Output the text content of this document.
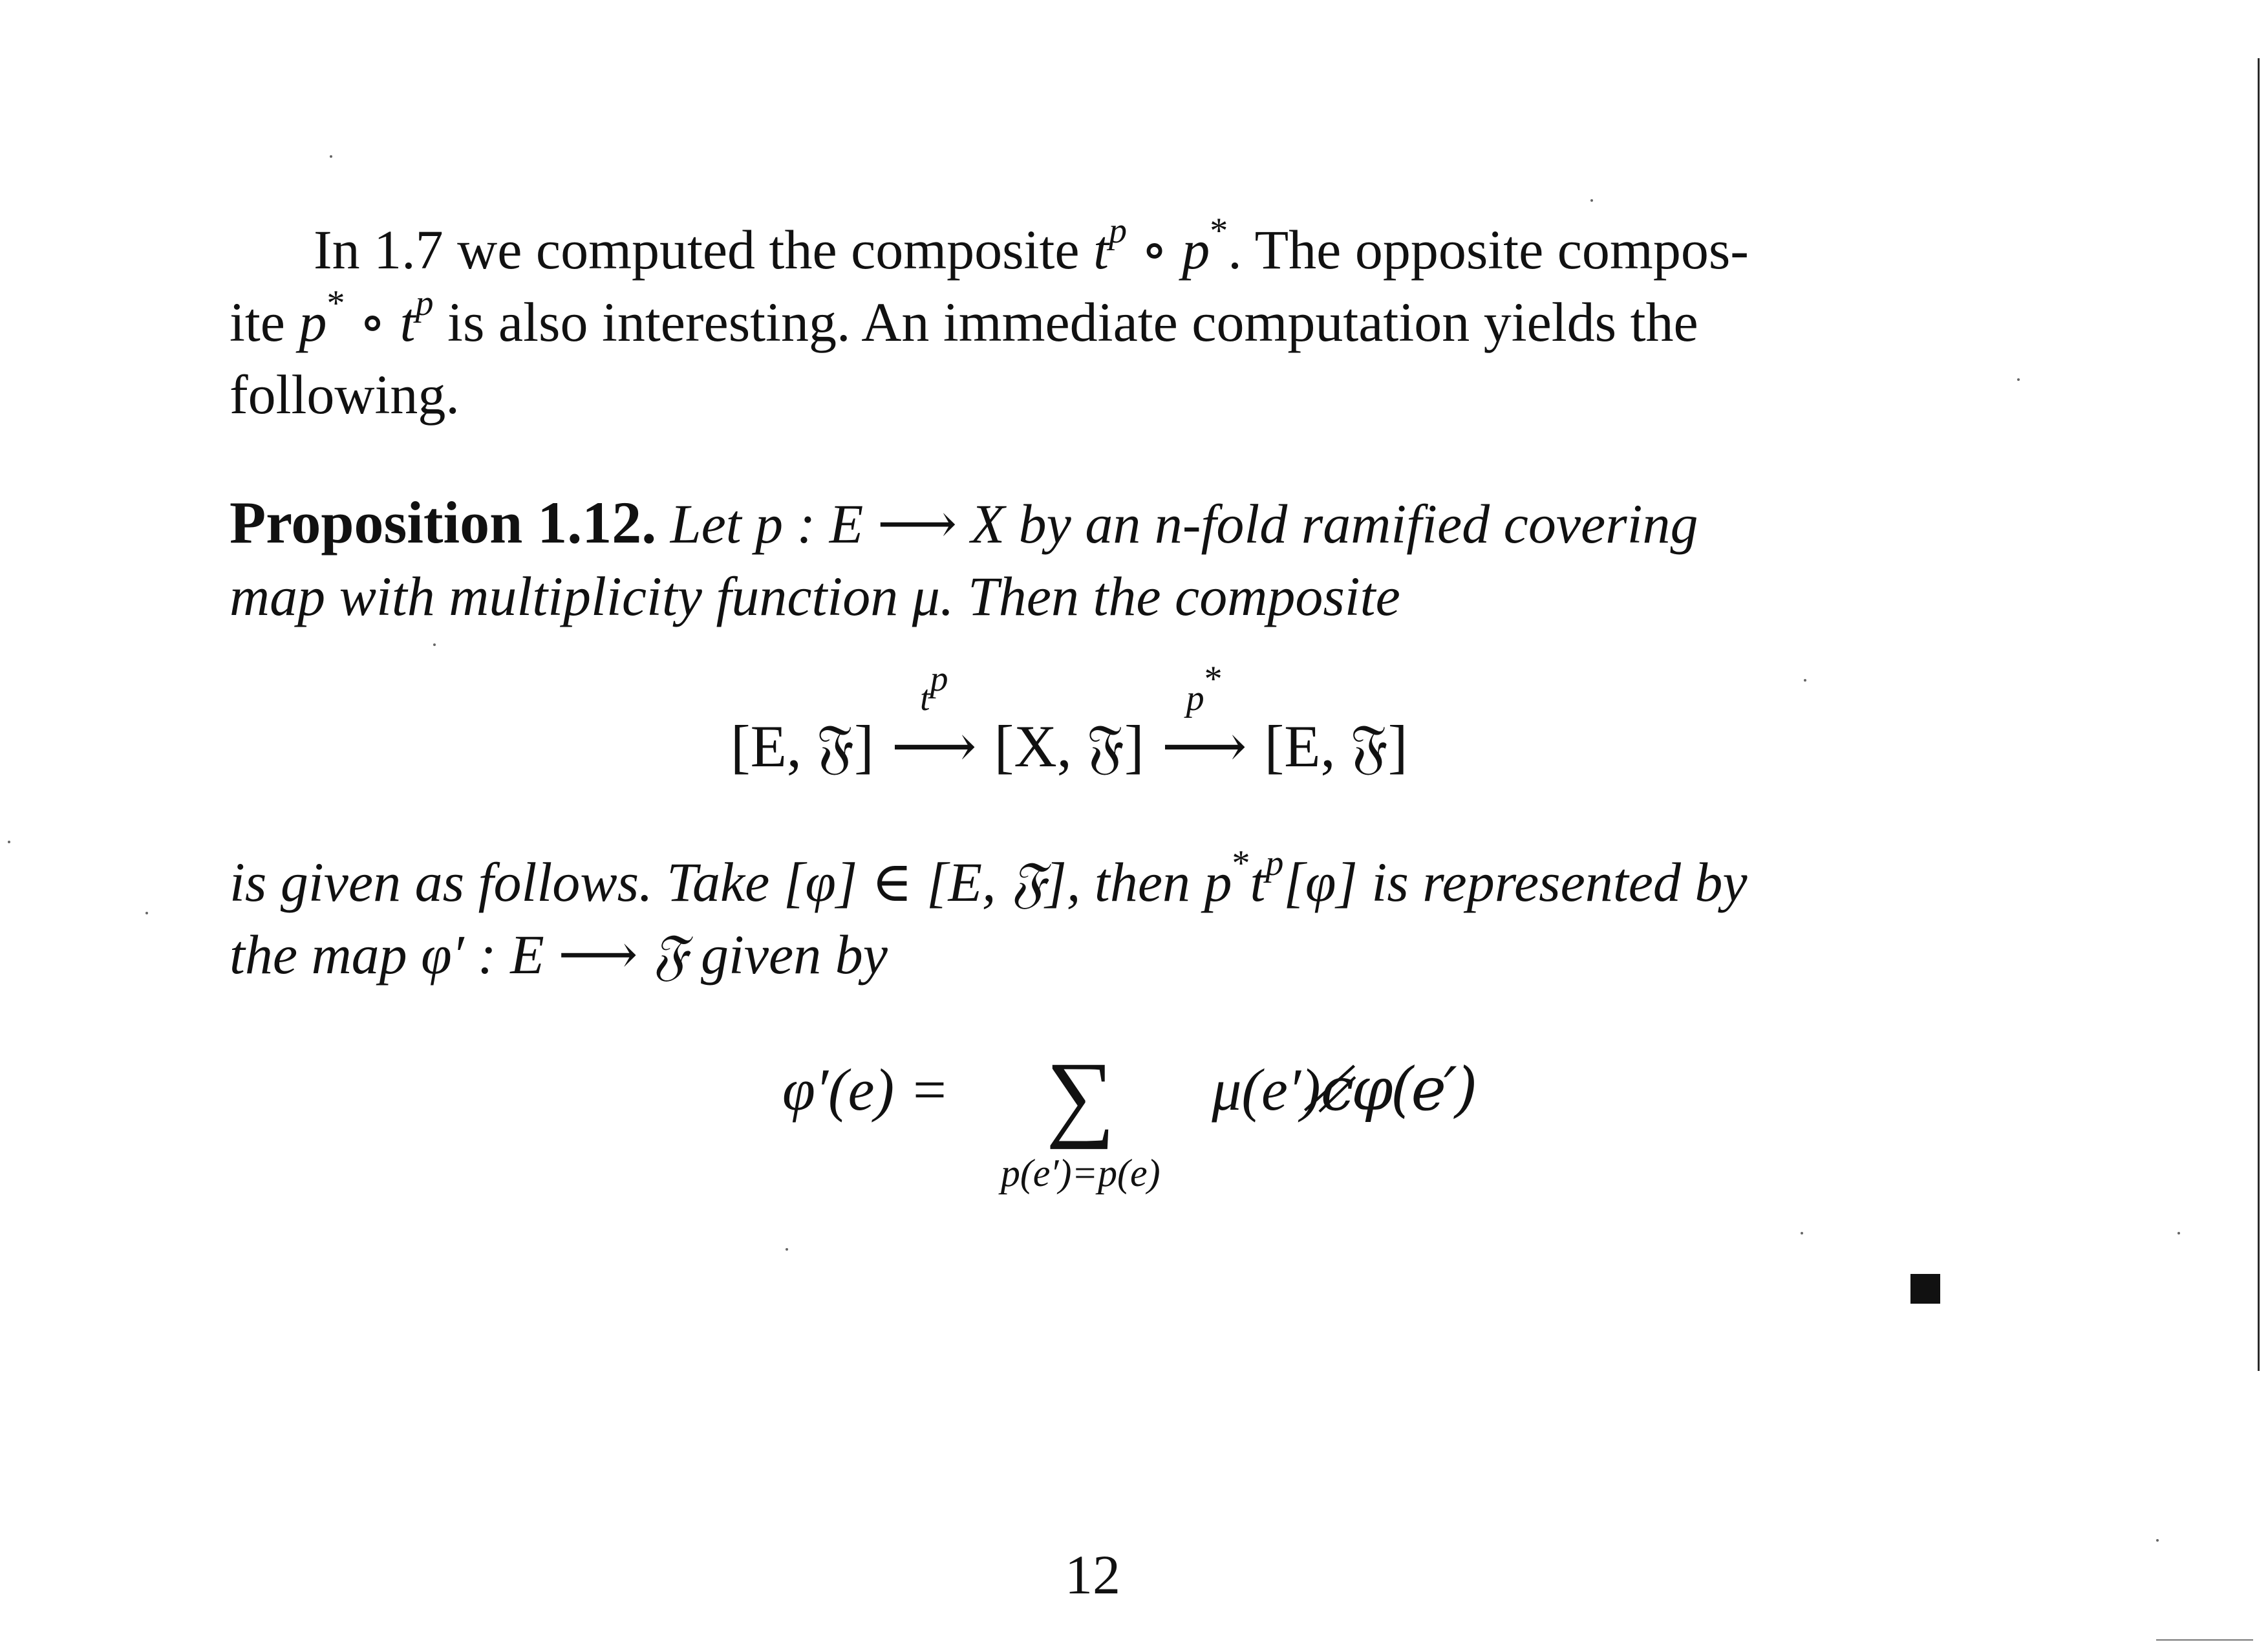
In 1.7 we computed the composite $t^p$ ∘ p*. The opposite compos-
ite p* ∘ $t^p$ is also interesting. An immediate computation yields the
following.
Proposition 1.12. Let p : E ⟶ X by an n-fold ramified covering
map with multiplicity function μ. Then the composite
[E, 𝔉]
$t^p$
⟶ [X, 𝔉]
p*
⟶ [E, 𝔉]
is given as follows. Take [φ] ∈ [E, 𝔉], then $p^*t^p[\varphi]$ is represented by
the map φ′ : E ⟶ 𝔉 given by
φ′(e) = ∑
p(e′)=p(e)
μ(e′)ȼ̸φ(e′)
12
